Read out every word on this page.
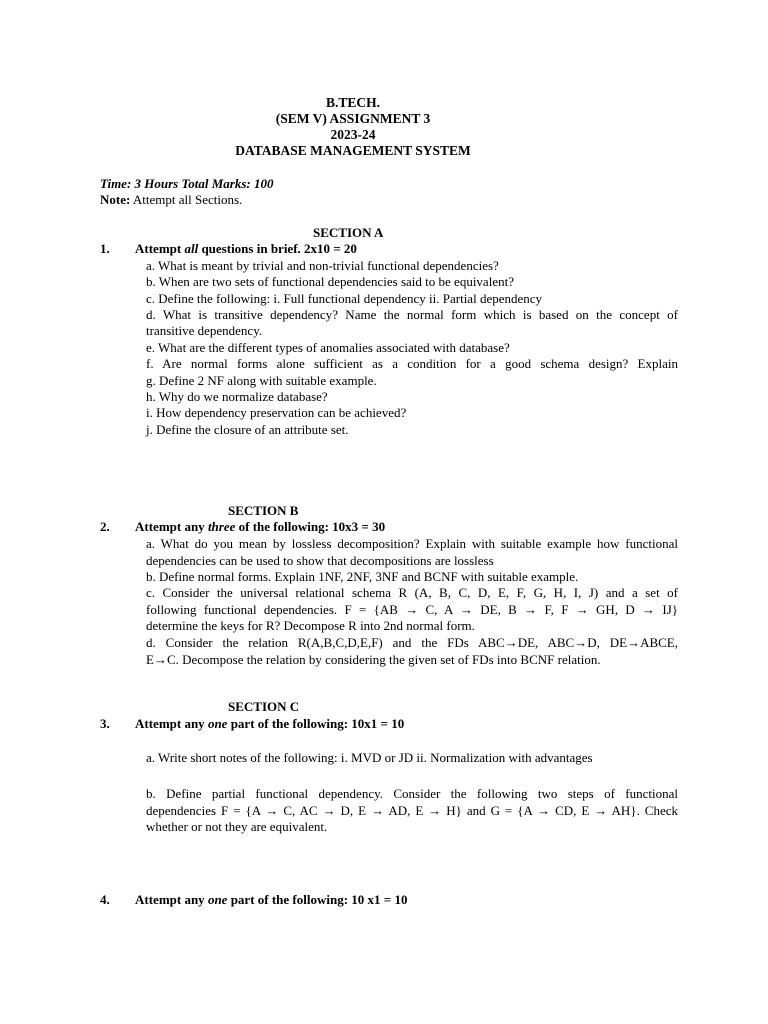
B.TECH.
(SEM V) ASSIGNMENT 3
2023-24
DATABASE MANAGEMENT SYSTEM
Time: 3 Hours Total Marks: 100
Note: Attempt all Sections.
SECTION A
1. Attempt all questions in brief. 2x10 = 20
a. What is meant by trivial and non-trivial functional dependencies?
b. When are two sets of functional dependencies said to be equivalent?
c. Define the following: i. Full functional dependency ii. Partial dependency
d. What is transitive dependency? Name the normal form which is based on the concept of
transitive dependency.
e. What are the different types of anomalies associated with database?
f. Are normal forms alone sufficient as a condition for a good schema design? Explain
g. Define 2 NF along with suitable example.
h. Why do we normalize database?
i. How dependency preservation can be achieved?
j. Define the closure of an attribute set.
SECTION B
2. Attempt any three of the following: 10x3 = 30
a. What do you mean by lossless decomposition? Explain with suitable example how functional
dependencies can be used to show that decompositions are lossless
b. Define normal forms. Explain 1NF, 2NF, 3NF and BCNF with suitable example.
c. Consider the universal relational schema R (A, B, C, D, E, F, G, H, I, J) and a set of
following functional dependencies. F = {AB → C, A → DE, B → F, F → GH, D → IJ}
determine the keys for R? Decompose R into 2nd normal form.
d. Consider the relation R(A,B,C,D,E,F) and the FDs ABC→DE, ABC→D, DE→ABCE,
E→C. Decompose the relation by considering the given set of FDs into BCNF relation.
SECTION C
3. Attempt any one part of the following: 10x1 = 10
a. Write short notes of the following: i. MVD or JD ii. Normalization with advantages
b. Define partial functional dependency. Consider the following two steps of functional
dependencies F = {A → C, AC → D, E → AD, E → H} and G = {A → CD, E → AH}. Check
whether or not they are equivalent.
4. Attempt any one part of the following: 10 x1 = 10
